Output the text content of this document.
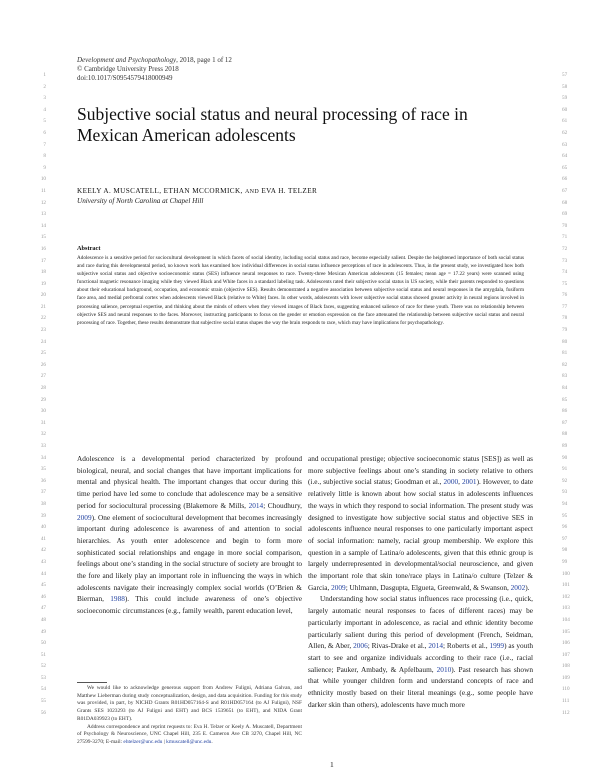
Development and Psychopathology, 2018, page 1 of 12
© Cambridge University Press 2018
doi:10.1017/S0954579418000949
1
2
3
4
5
6
7
8
9
10
11
12
13
14
15
16
17
18
19
20
21
22
23
24
25
26
27
28
29
30
31
32
33
34
35
36
37
38
39
40
41
42
43
44
45
46
47
48
49
50
51
52
53
54
55
56
57
58
59
60
61
62
63
64
65
66
67
68
69
70
71
72
73
74
75
76
77
78
79
80
81
82
83
84
85
86
87
88
89
90
91
92
93
94
95
96
97
98
99
100
101
102
103
104
105
106
107
108
109
110
111
112
Subjective social status and neural processing of race in Mexican American adolescents
KEELY A. MUSCATELL, ETHAN MCCORMICK, AND EVA H. TELZER
University of North Carolina at Chapel Hill
Abstract

Adolescence is a sensitive period for sociocultural development in which facets of social identity, including social status and race, become especially salient. Despite the heightened importance of both social status and race during this developmental period, no known work has examined how individual differences in social status influence perceptions of race in adolescents. Thus, in the present study, we investigated how both subjective social status and objective socioeconomic status (SES) influence neural responses to race. Twenty-three Mexican American adolescents (15 females; mean age = 17.22 years) were scanned using functional magnetic resonance imaging while they viewed Black and White faces in a standard labeling task. Adolescents rated their subjective social status in US society, while their parents responded to questions about their educational background, occupation, and economic strain (objective SES). Results demonstrated a negative association between subjective social status and neural responses in the amygdala, fusiform face area, and medial prefrontal cortex when adolescents viewed Black (relative to White) faces. In other words, adolescents with lower subjective social status showed greater activity in neural regions involved in processing salience, perceptual expertise, and thinking about the minds of others when they viewed images of Black faces, suggesting enhanced salience of race for these youth. There was no relationship between objective SES and neural responses to the faces. Moreover, instructing participants to focus on the gender or emotion expression on the face attenuated the relationship between subjective social status and neural processing of race. Together, these results demonstrate that subjective social status shapes the way the brain responds to race, which may have implications for psychopathology.

Adolescence is a developmental period characterized by profound biological, neural, and social changes that have important implications for mental and physical health. The important changes that occur during this time period have led some to conclude that adolescence may be a sensitive period for sociocultural processing (Blakemore & Mills, 2014; Choudhury, 2009). One element of sociocultural development that becomes increasingly important during adolescence is awareness of and attention to social hierarchies. As youth enter adolescence and begin to form more sophisticated social relationships and engage in more social comparison, feelings about one’s standing in the social structure of society are brought to the fore and likely play an important role in influencing the ways in which adolescents navigate their increasingly complex social worlds (O’Brien & Bierman, 1988). This could include awareness of one’s objective socioeconomic circumstances (e.g., family wealth, parent education level,

and occupational prestige; objective socioeconomic status [SES]) as well as more subjective feelings about one’s standing in society relative to others (i.e., subjective social status; Goodman et al., 2000, 2001). However, to date relatively little is known about how social status in adolescents influences the ways in which they respond to social information. The present study was designed to investigate how subjective social status and objective SES in adolescents influence neural responses to one particularly important aspect of social information: namely, racial group membership. We explore this question in a sample of Latina/o adolescents, given that this ethnic group is largely underrepresented in developmental/social neuroscience, and given the important role that skin tone/race plays in Latina/o culture (Telzer & Garcia, 2009; Uhlmann, Dasgupta, Elgueta, Greenwald, & Swanson, 2002).

Understanding how social status influences race processing (i.e., quick, largely automatic neural responses to faces of different races) may be particularly important in adolescence, as racial and ethnic identity become particularly salient during this period of development (French, Seidman, Allen, & Aber, 2006; Rivas-Drake et al., 2014; Roberts et al., 1999) as youth start to see and organize individuals according to their race (i.e., racial salience; Pauker, Ambady, & Apfelbaum, 2010). Past research has shown that while younger children form and understand concepts of race and ethnicity mostly based on their literal meanings (e.g., some people have darker skin than others), adolescents have much more

We would like to acknowledge generous support from Andrew Fuligni, Adriana Galvan, and Matthew Lieberman during study conceptualization, design, and data acquisition. Funding for this study was provided, in part, by NICHD Grants R01HD057164-S and R01HD057164 (to AJ Fuligni), NSF Grants SES 1023293 (to AJ Fuligni and EHT) and BCS 1539651 (to EHT), and NIDA Grant R01DA039923 (to EHT).

Address correspondence and reprint requests to: Eva H. Telzer or Keely A. Muscatell, Department of Psychology & Neuroscience, UNC Chapel Hill, 235 E. Cameron Ave CB 3270, Chapel Hill, NC 27599-3270; E-mail: ehtelzer@unc.edu | kmuscatell@unc.edu.

1
